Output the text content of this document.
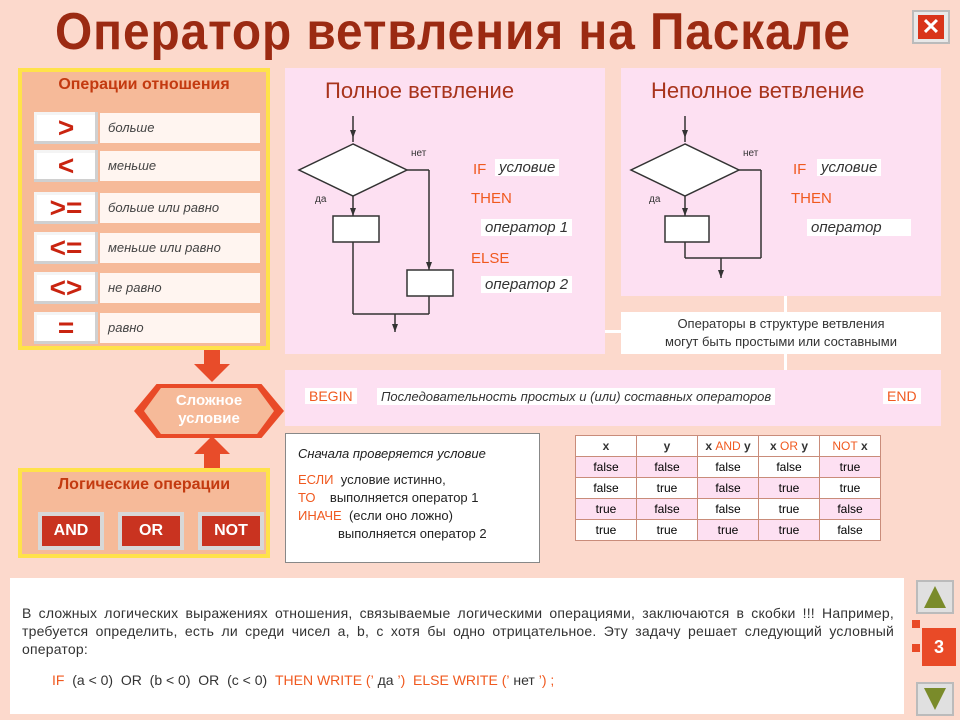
Оператор ветвления на Паскале	✕
Операции отношения
>	больше
<	меньше
>=	больше или равно
<=	меньше или равно
<>	не равно
=	равно
Сложное
условие
Логические операции
AND	OR	NOT
Полное ветвление
нет
да
IF условие
THEN
оператор 1
ELSE
оператор 2
Неполное ветвление
нет
да
IF условие
THEN
оператор
Операторы в структуре ветвления
могут быть простыми или составными
BEGIN	Последовательность простых и (или) составных операторов	END
Сначала проверяется условие
ЕСЛИ условие истинно,
ТО выполняется оператор 1
ИНАЧЕ (если оно ложно)
выполняется оператор 2
x	y	x AND y	x OR y	NOT x
false	false	false	false	true
false	true	false	true	true
true	false	false	true	false
true	true	true	true	false
В сложных логических выражениях отношения, связываемые логическими операциями, заключаются в скобки !!! Например, требуется определить, есть ли среди чисел a, b, c хотя бы одно отрицательное. Эту задачу решает следующий условный оператор:
IF (a < 0) OR (b < 0) OR (c < 0) THEN WRITE (’ да ’) ELSE WRITE (’ нет ’) ;
3
